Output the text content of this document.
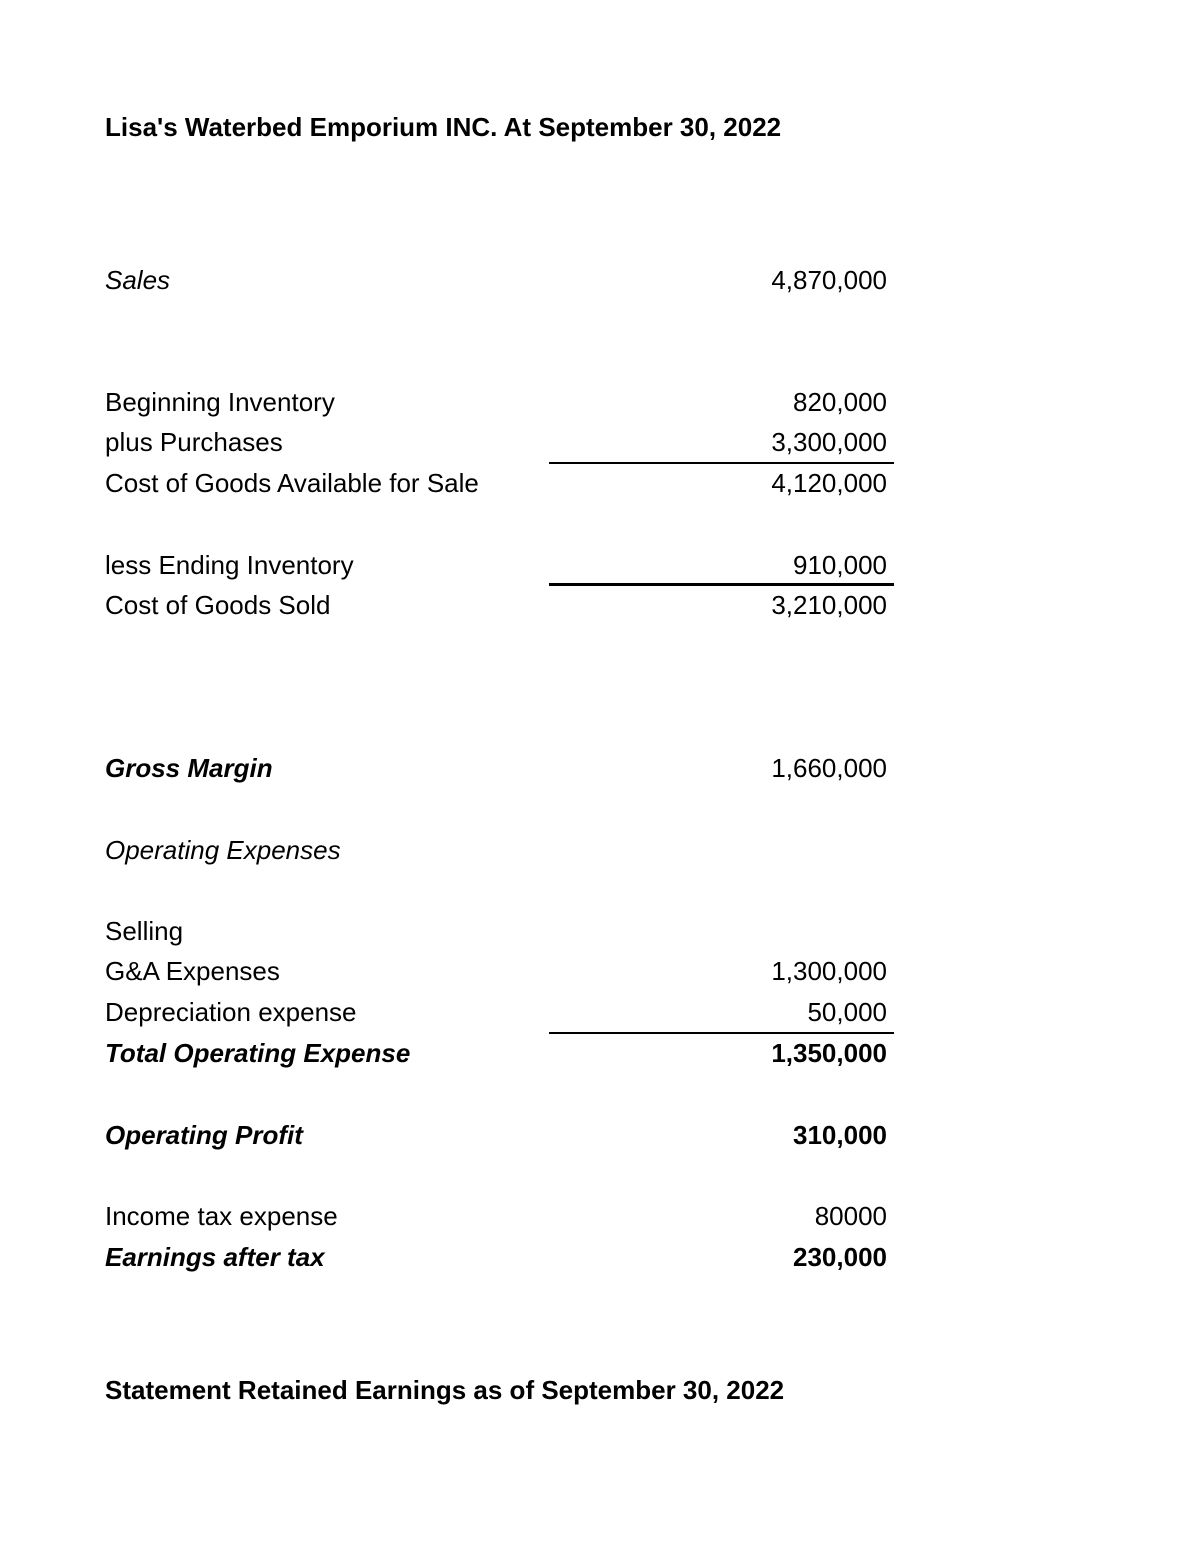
Lisa's Waterbed Emporium INC. At September 30, 2022
Sales	4,870,000
Beginning Inventory	820,000
plus Purchases	3,300,000
Cost of Goods Available for Sale	4,120,000
less Ending Inventory	910,000
Cost of Goods Sold	3,210,000
Gross Margin	1,660,000
Operating Expenses
Selling
G&A Expenses	1,300,000
Depreciation expense	50,000
Total Operating Expense	1,350,000
Operating Profit	310,000
Income tax expense	80000
Earnings after tax	230,000
Statement Retained Earnings as of September 30, 2022
